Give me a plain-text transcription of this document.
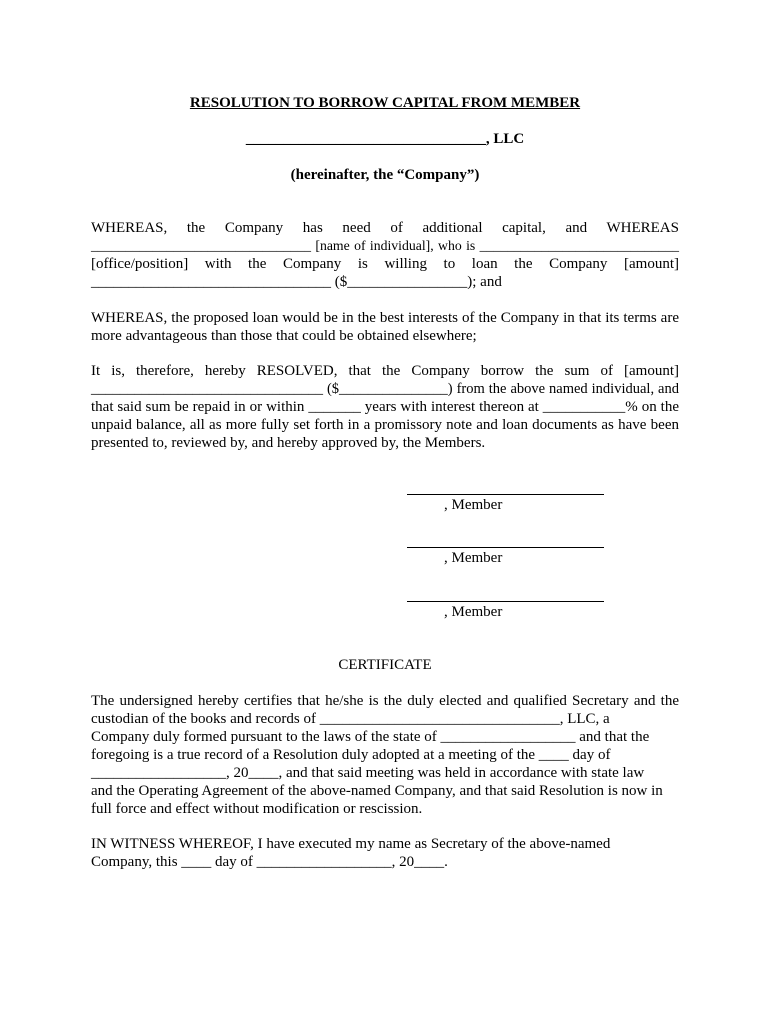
RESOLUTION TO BORROW CAPITAL FROM MEMBER
________________________________, LLC
(hereinafter, the “Company”)
WHEREAS, the Company has need of additional capital, and WHEREAS
________________________________ [name of individual], who is _____________________________
[office/position] with the Company is willing to loan the Company [amount]
________________________________ ($________________); and
WHEREAS, the proposed loan would be in the best interests of the Company in that its terms are
more advantageous than those that could be obtained elsewhere;
It is, therefore, hereby RESOLVED, that the Company borrow the sum of [amount]
________________________________ ($_______________) from the above named individual, and
that said sum be repaid in or within _______ years with interest thereon at ___________% on the
unpaid balance, all as more fully set forth in a promissory note and loan documents as have been
presented to, reviewed by, and hereby approved by, the Members.
, Member
, Member
, Member
CERTIFICATE
The undersigned hereby certifies that he/she is the duly elected and qualified Secretary and the
custodian of the books and records of ________________________________, LLC, a
Company duly formed pursuant to the laws of the state of __________________ and that the
foregoing is a true record of a Resolution duly adopted at a meeting of the ____ day of
__________________, 20____, and that said meeting was held in accordance with state law
and the Operating Agreement of the above-named Company, and that said Resolution is now in
full force and effect without modification or rescission.
IN WITNESS WHEREOF, I have executed my name as Secretary of the above-named
Company, this ____ day of __________________, 20____.
